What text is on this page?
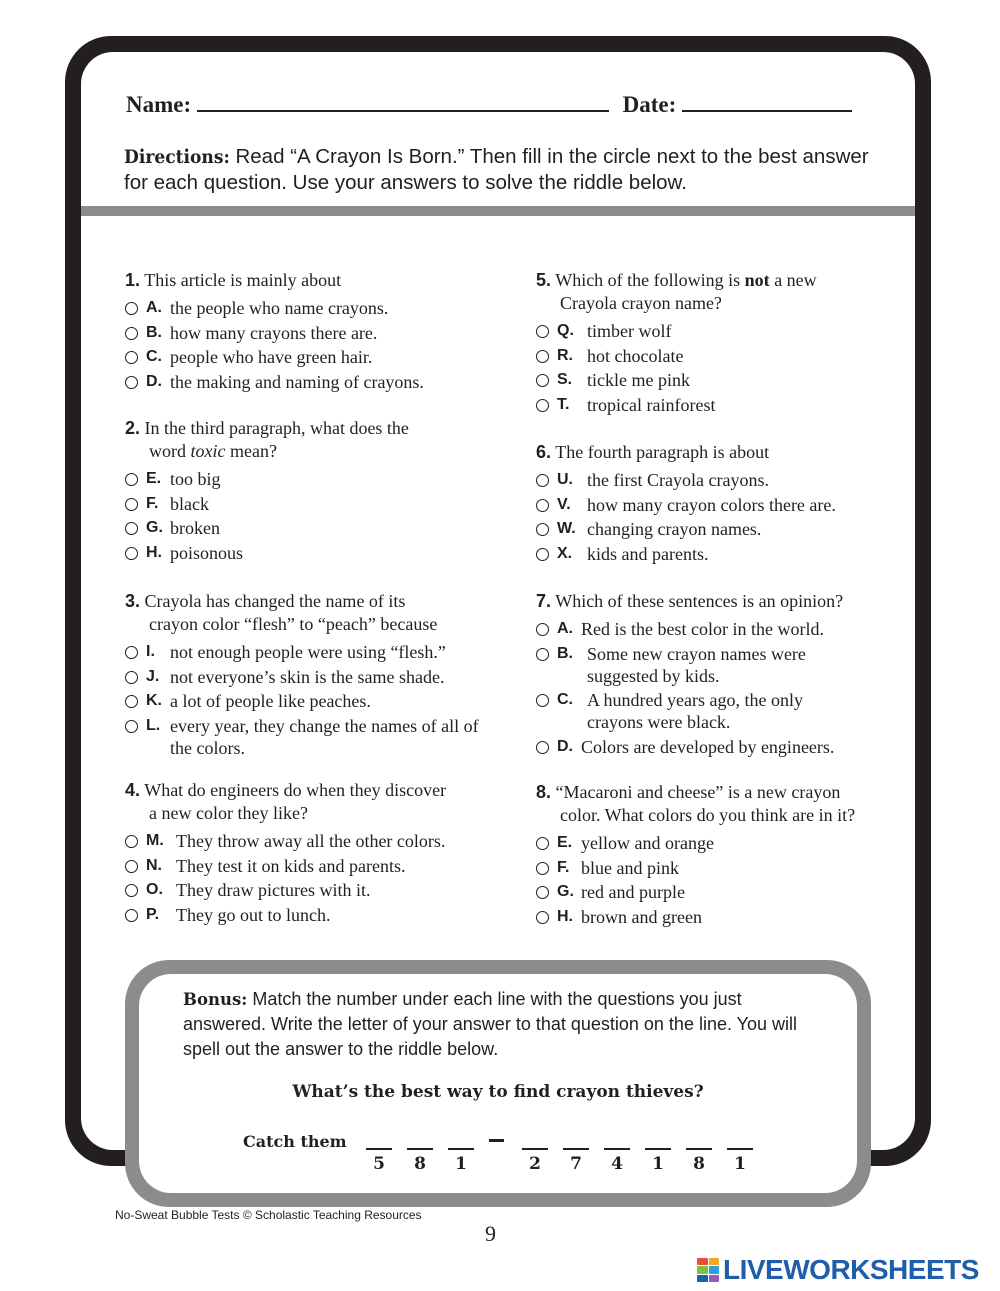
Name:	Date:
Directions: Read “A Crayon Is Born.” Then fill in the circle next to the best answer for each question. Use your answers to solve the riddle below.
1. This article is mainly about
A. the people who name crayons.
B. how many crayons there are.
C. people who have green hair.
D. the making and naming of crayons.
2. In the third paragraph, what does the
word toxic mean?
E. too big
F. black
G. broken
H. poisonous
3. Crayola has changed the name of its
crayon color “flesh” to “peach” because
I. not enough people were using “flesh.”
J. not everyone’s skin is the same shade.
K. a lot of people like peaches.
L. every year, they change the names of all of the colors.
4. What do engineers do when they discover
a new color they like?
M. They throw away all the other colors.
N. They test it on kids and parents.
O. They draw pictures with it.
P. They go out to lunch.
5. Which of the following is not a new
Crayola crayon name?
Q. timber wolf
R. hot chocolate
S. tickle me pink
T. tropical rainforest
6. The fourth paragraph is about
U. the first Crayola crayons.
V. how many crayon colors there are.
W. changing crayon names.
X. kids and parents.
7. Which of these sentences is an opinion?
A. Red is the best color in the world.
B. Some new crayon names were suggested by kids.
C. A hundred years ago, the only crayons were black.
D. Colors are developed by engineers.
8. “Macaroni and cheese” is a new crayon
color. What colors do you think are in it?
E. yellow and orange
F. blue and pink
G. red and purple
H. brown and green
Bonus: Match the number under each line with the questions you just answered. Write the letter of your answer to that question on the line. You will spell out the answer to the riddle below.
What’s the best way to find crayon thieves?
Catch them
5	8	1	2	7	4	1	8	1
No-Sweat Bubble Tests © Scholastic Teaching Resources
9
LIVEWORKSHEETS
